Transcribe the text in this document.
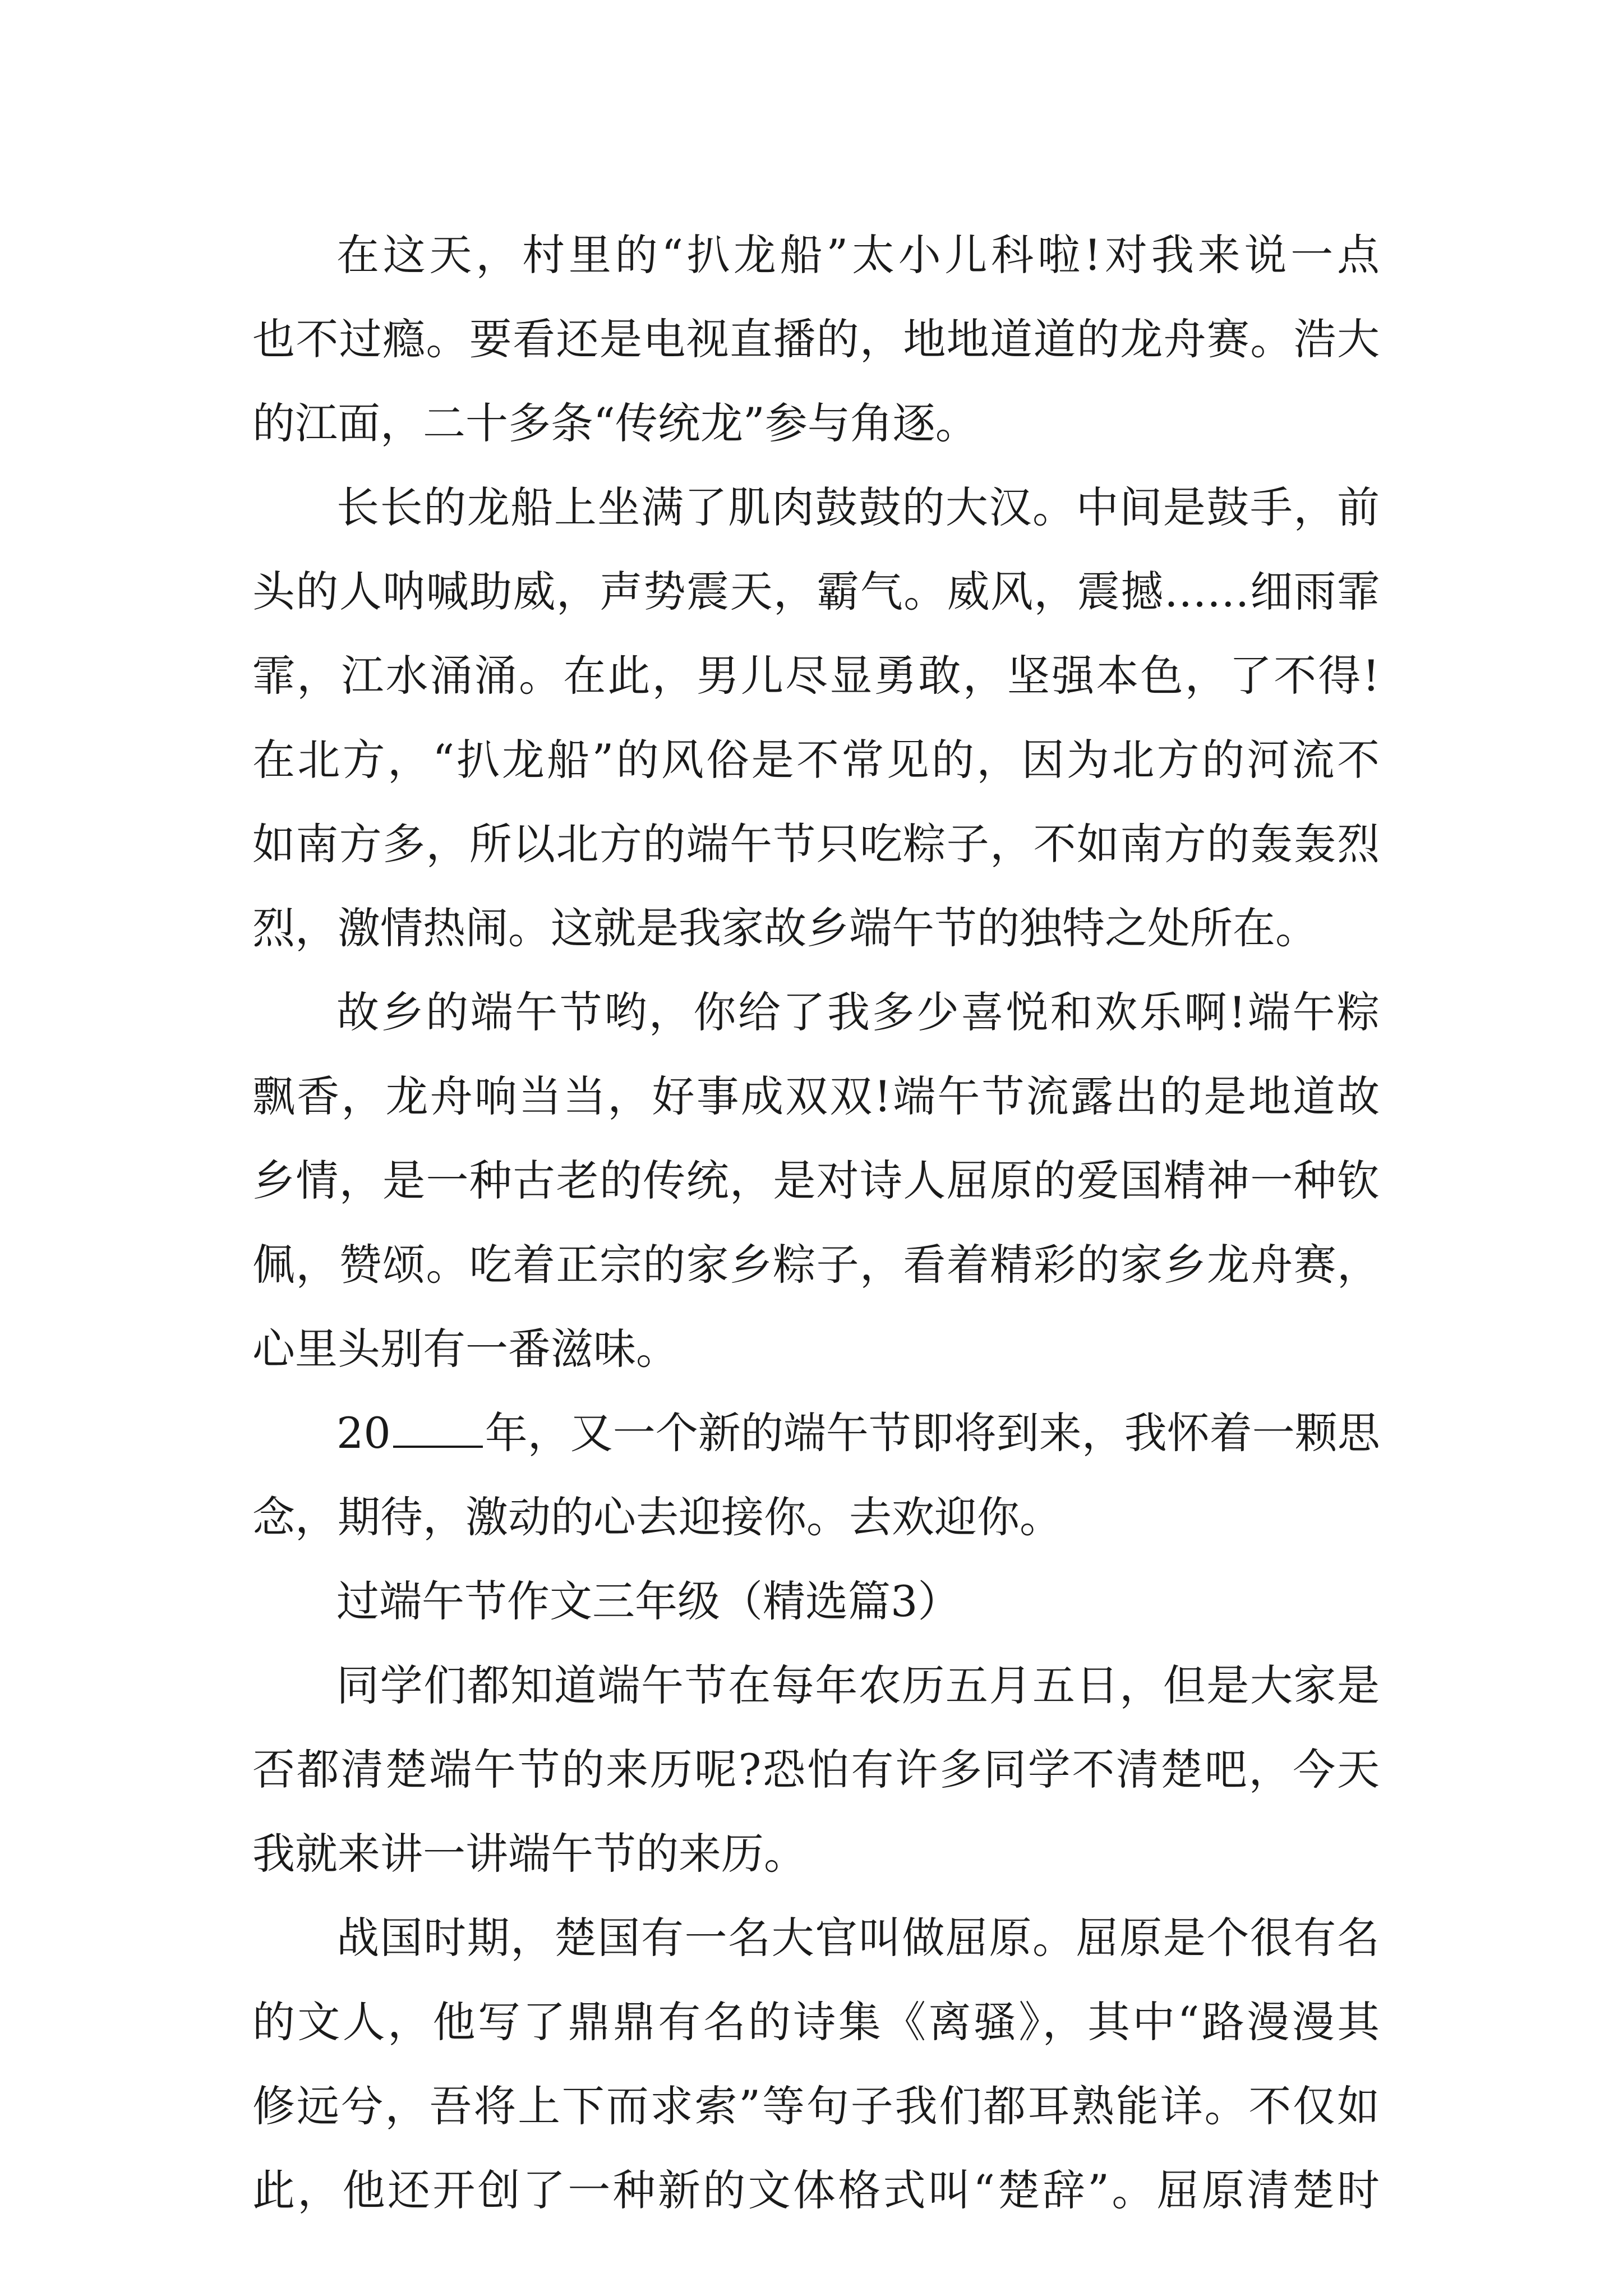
在这天，村里的“扒龙船”太小儿科啦!对我来说一点
也不过瘾。要看还是电视直播的，地地道道的龙舟赛。浩大
的江面，二十多条“传统龙”参与角逐。
长长的龙船上坐满了肌肉鼓鼓的大汉。中间是鼓手，前
头的人呐喊助威，声势震天，霸气。威风，震撼……细雨霏
霏，江水涌涌。在此，男儿尽显勇敢，坚强本色，了不得!
在北方，“扒龙船”的风俗是不常见的，因为北方的河流不
如南方多，所以北方的端午节只吃粽子，不如南方的轰轰烈
烈，激情热闹。这就是我家故乡端午节的独特之处所在。
故乡的端午节哟，你给了我多少喜悦和欢乐啊!端午粽
飘香，龙舟响当当，好事成双双!端午节流露出的是地道故
乡情，是一种古老的传统，是对诗人屈原的爱国精神一种钦
佩，赞颂。吃着正宗的家乡粽子，看着精彩的家乡龙舟赛，
心里头别有一番滋味。
20 年，又一个新的端午节即将到来，我怀着一颗思
念，期待，激动的心去迎接你。去欢迎你。
过端午节作文三年级（精选篇3）
同学们都知道端午节在每年农历五月五日，但是大家是
否都清楚端午节的来历呢?恐怕有许多同学不清楚吧，今天
我就来讲一讲端午节的来历。
战国时期，楚国有一名大官叫做屈原。屈原是个很有名
的文人，他写了鼎鼎有名的诗集《离骚》，其中“路漫漫其
修远兮，吾将上下而求索”等句子我们都耳熟能详。不仅如
此，他还开创了一种新的文体格式叫“楚辞”。屈原清楚时
